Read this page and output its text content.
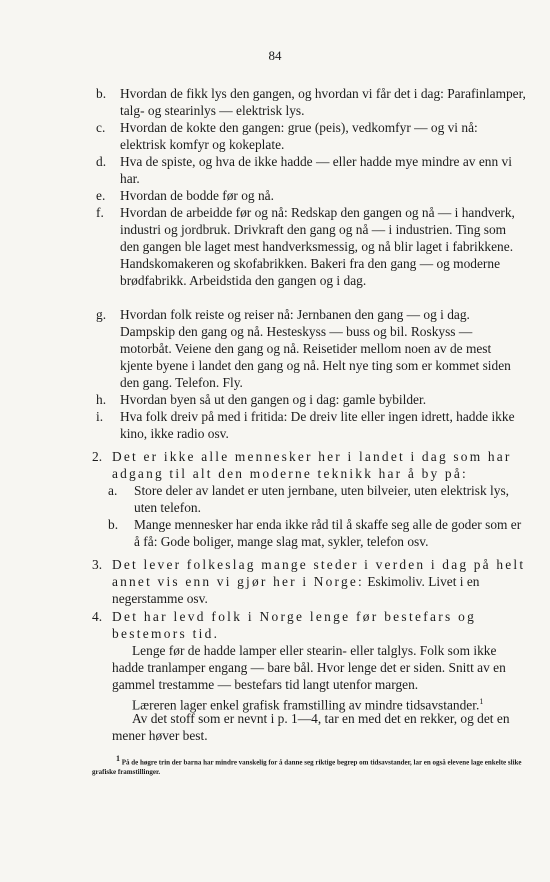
84
b.	Hvordan de fikk lys den gangen, og hvordan vi får det i dag: Parafinlamper, talg- og stearinlys — elektrisk lys.
c.	Hvordan de kokte den gangen: grue (peis), vedkomfyr — og vi nå: elektrisk komfyr og kokeplate.
d.	Hva de spiste, og hva de ikke hadde — eller hadde mye mindre av enn vi har.
e.	Hvordan de bodde før og nå.
f.	Hvordan de arbeidde før og nå: Redskap den gangen og nå — i handverk, industri og jordbruk. Drivkraft den gang og nå — i industrien. Ting som den gangen ble laget mest handverksmessig, og nå blir laget i fabrikkene. Handskomakeren og skofabrikken. Bakeri fra den gang — og moderne brødfabrikk. Arbeidstida den gangen og i dag.
g.	Hvordan folk reiste og reiser nå: Jernbanen den gang — og i dag. Dampskip den gang og nå. Hesteskyss — buss og bil. Roskyss — motorbåt. Veiene den gang og nå. Reisetider mellom noen av de mest kjente byene i landet den gang og nå. Helt nye ting som er kommet siden den gang. Telefon. Fly.
h.	Hvordan byen så ut den gangen og i dag: gamle bybilder.
i.	Hva folk dreiv på med i fritida: De dreiv lite eller ingen idrett, hadde ikke kino, ikke radio osv.
2. Det er ikke alle mennesker her i landet i dag som har adgang til alt den moderne teknikk har å by på:
a.	Store deler av landet er uten jernbane, uten bilveier, uten elektrisk lys, uten telefon.
b.	Mange mennesker har enda ikke råd til å skaffe seg alle de goder som er å få: Gode boliger, mange slag mat, sykler, telefon osv.
3. Det lever folkeslag mange steder i verden i dag på helt annet vis enn vi gjør her i Norge: Eskimoliv. Livet i en negerstamme osv.
4. Det har levd folk i Norge lenge før bestefars og bestemors tid.
Lenge før de hadde lamper eller stearin- eller talglys. Folk som ikke hadde tranlamper engang — bare bål. Hvor lenge det er siden. Snitt av en gammel trestamme — bestefars tid langt utenfor margen.
Læreren lager enkel grafisk framstilling av mindre tidsavstander.$^1$
Av det stoff som er nevnt i p. 1—4, tar en med det en rekker, og det en mener høver best.
$^1$ På de høgre trin der barna har mindre vanskelig for å danne seg riktige begrep om tidsavstander, lar en også elevene lage enkelte slike grafiske framstillinger.
